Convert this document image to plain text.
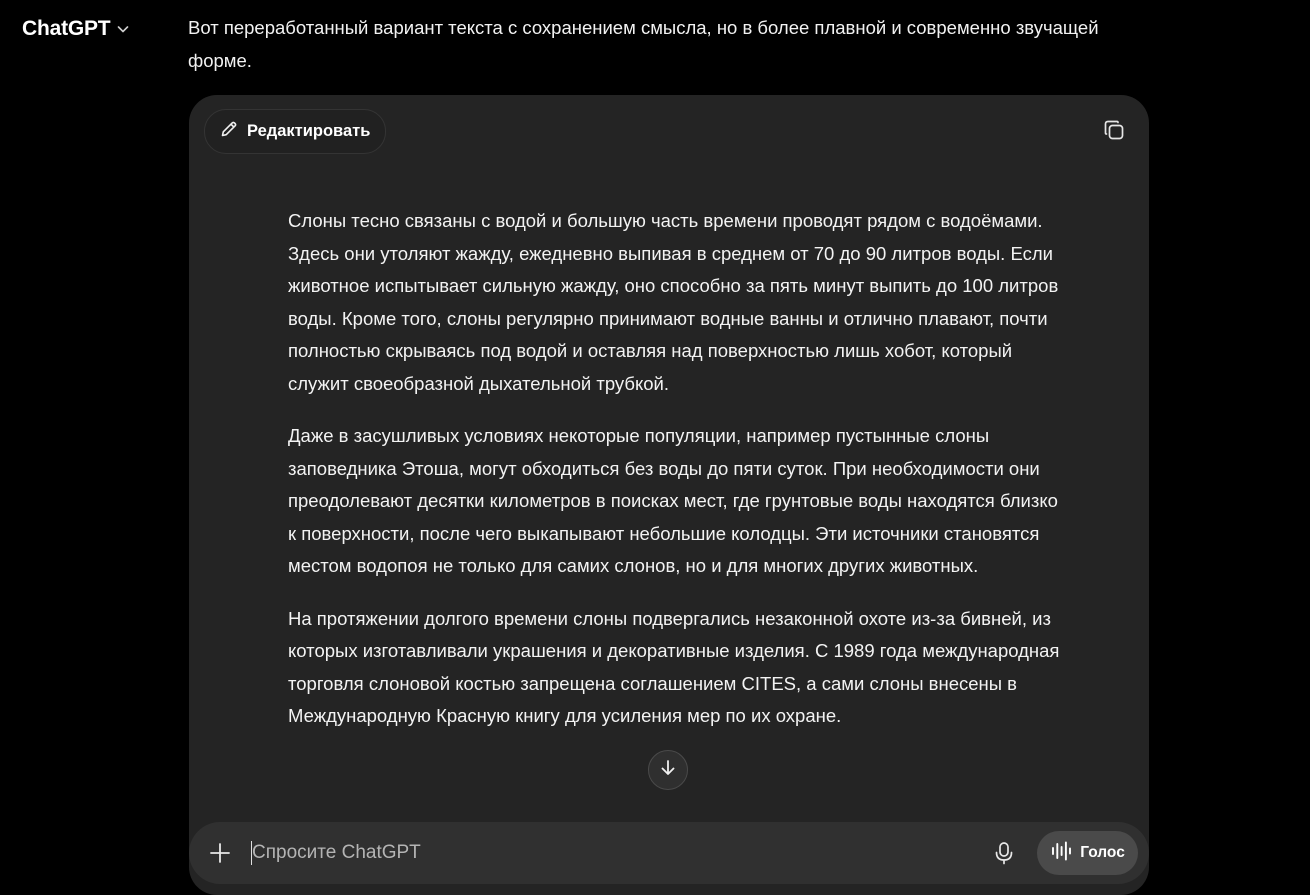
ChatGPT	Вот переработанный вариант текста с сохранением смысла, но в более плавной и современно звучащей форме.

Редактировать

Слоны тесно связаны с водой и большую часть времени проводят рядом с водоёмами. Здесь они утоляют жажду, ежедневно выпивая в среднем от 70 до 90 литров воды. Если животное испытывает сильную жажду, оно способно за пять минут выпить до 100 литров воды. Кроме того, слоны регулярно принимают водные ванны и отлично плавают, почти полностью скрываясь под водой и оставляя над поверхностью лишь хобот, который служит своеобразной дыхательной трубкой.

Даже в засушливых условиях некоторые популяции, например пустынные слоны заповедника Этоша, могут обходиться без воды до пяти суток. При необходимости они преодолевают десятки километров в поисках мест, где грунтовые воды находятся близко к поверхности, после чего выкапывают небольшие колодцы. Эти источники становятся местом водопоя не только для самих слонов, но и для многих других животных.

На протяжении долгого времени слоны подвергались незаконной охоте из-за бивней, из которых изготавливали украшения и декоративные изделия. С 1989 года международная торговля слоновой костью запрещена соглашением CITES, а сами слоны внесены в Международную Красную книгу для усиления мер по их охране.

Спросите ChatGPT
Голос
